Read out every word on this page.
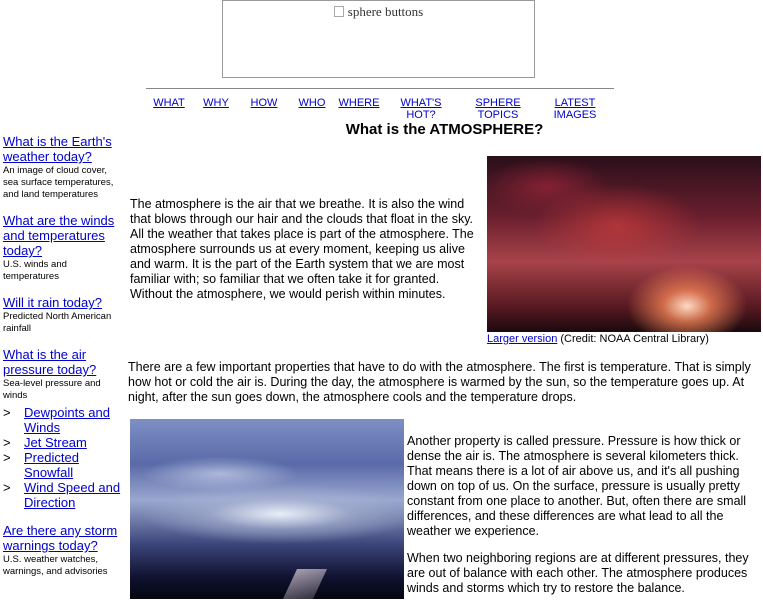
sphere buttons
WHAT	WHY	HOW	WHO	WHERE	WHAT'S HOT?
SPHERE TOPICS
LATEST IMAGES
What is the ATMOSPHERE?
What is the Earth's weather today?
An image of cloud cover, sea surface temperatures, and land temperatures
What are the winds and temperatures today?
U.S. winds and temperatures
Will it rain today?
Predicted North American rainfall
What is the air pressure today?
Sea-level pressure and winds
>	Dewpoints and Winds
>	Jet Stream
>	Predicted Snowfall
>	Wind Speed and Direction
Are there any storm warnings today?
U.S. weather watches, warnings, and advisories

The atmosphere is the air that we breathe. It is also the wind that blows through our hair and the clouds that float in the sky. All the weather that takes place is part of the atmosphere. The atmosphere surrounds us at every moment, keeping us alive and warm. It is the part of the Earth system that we are most familiar with; so familiar that we often take it for granted. Without the atmosphere, we would perish within minutes.

Larger version (Credit: NOAA Central Library)

There are a few important properties that have to do with the atmosphere. The first is temperature. That is simply how hot or cold the air is. During the day, the atmosphere is warmed by the sun, so the temperature goes up. At night, after the sun goes down, the atmosphere cools and the temperature drops.

Another property is called pressure. Pressure is how thick or dense the air is. The atmosphere is several kilometers thick. That means there is a lot of air above us, and it's all pushing down on top of us. On the surface, pressure is usually pretty constant from one place to another. But, often there are small differences, and these differences are what lead to all the weather we experience.

When two neighboring regions are at different pressures, they are out of balance with each other. The atmosphere produces winds and storms which try to restore the balance.
